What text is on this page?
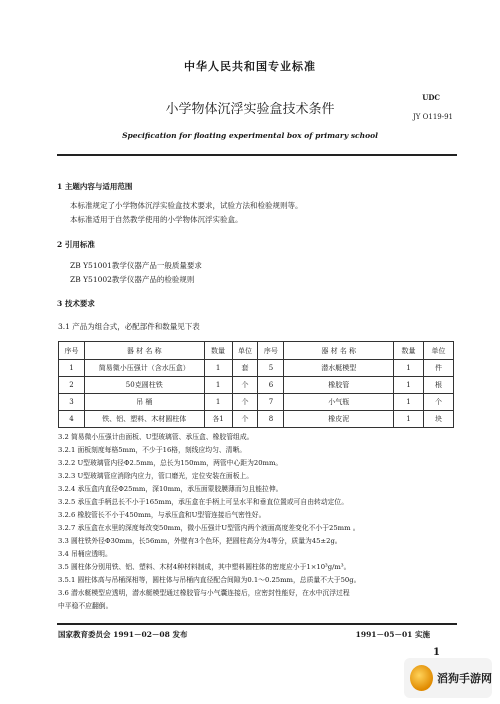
中华人民共和国专业标准
UDC
小学物体沉浮实验盒技术条件	JY O119-91
Specification for floating experimental box of primary school
1 主题内容与适用范围
本标准规定了小学物体沉浮实验盒技术要求，试验方法和检验规则等。
本标准适用于自然教学使用的小学物体沉浮实验盒。
2 引用标准
ZB Y51001教学仪器产品一般质量要求
ZB Y51002教学仪器产品的检验规则
3 技术要求
3.1 产品为组合式，必配部件和数量见下表
序号	器 材 名 称	数量	单位	序号	器 材 名 称	数量	单位
1	简易微小压强计（含水压盒）	1	套	5	潜水艇模型	1	件
2	50克圆柱铁	1	个	6	橡胶管	1	根
3	吊 桶	1	个	7	小气瓶	1	个
4	铁、铝、塑料、木材圆柱体	各1	个	8	橡皮泥	1	块
3.2 简易微小压强计由面板、U型玻璃管、承压盒、橡胶管组成。
3.2.1 面板刻度每格5mm，不少于16格，刻线应均匀、清晰。
3.2.2 U型玻璃管内径Φ2.5mm，总长为150mm，两管中心距为20mm。
3.2.3 U型玻璃管应消除内应力，管口磨光，定位安装在面板上。
3.2.4 承压盒内直径Φ25mm，深10mm，承压面蒙胶膜薄而匀且能拉伸。
3.2.5 承压盒手柄总长不小于165mm，承压盒在手柄上可呈水平和垂直位置或可自由转动定位。
3.2.6 橡胶管长不小于450mm，与承压盒和U型管连接后气密性好。
3.2.7 承压盒在水里的深度每改变50mm，微小压强计U型管内两个液面高度差变化不小于25mm 。
3.3 圆柱铁外径Φ30mm，长56mm，外壁有3个色环，把圆柱高分为4等分，质量为45±2g。
3.4 吊桶应透明。
3.5 圆柱体分别用铁、铝、塑料、木材4种材料制成，其中塑料圆柱体的密度应小于1×10³g/m³。
3.5.1 圆柱体高与吊桶深相等，圆柱体与吊桶内直径配合间隙为0.1～0.25mm，总质量不大于50g。
3.6 潜水艇模型应透明，潜水艇模型通过橡胶管与小气囊连接后，应密封性能好，在水中沉浮过程
中平稳不应翻倒。
国家教育委员会 1991－02－08 发布	1991－05－01 实施
1
滔狗手游网
